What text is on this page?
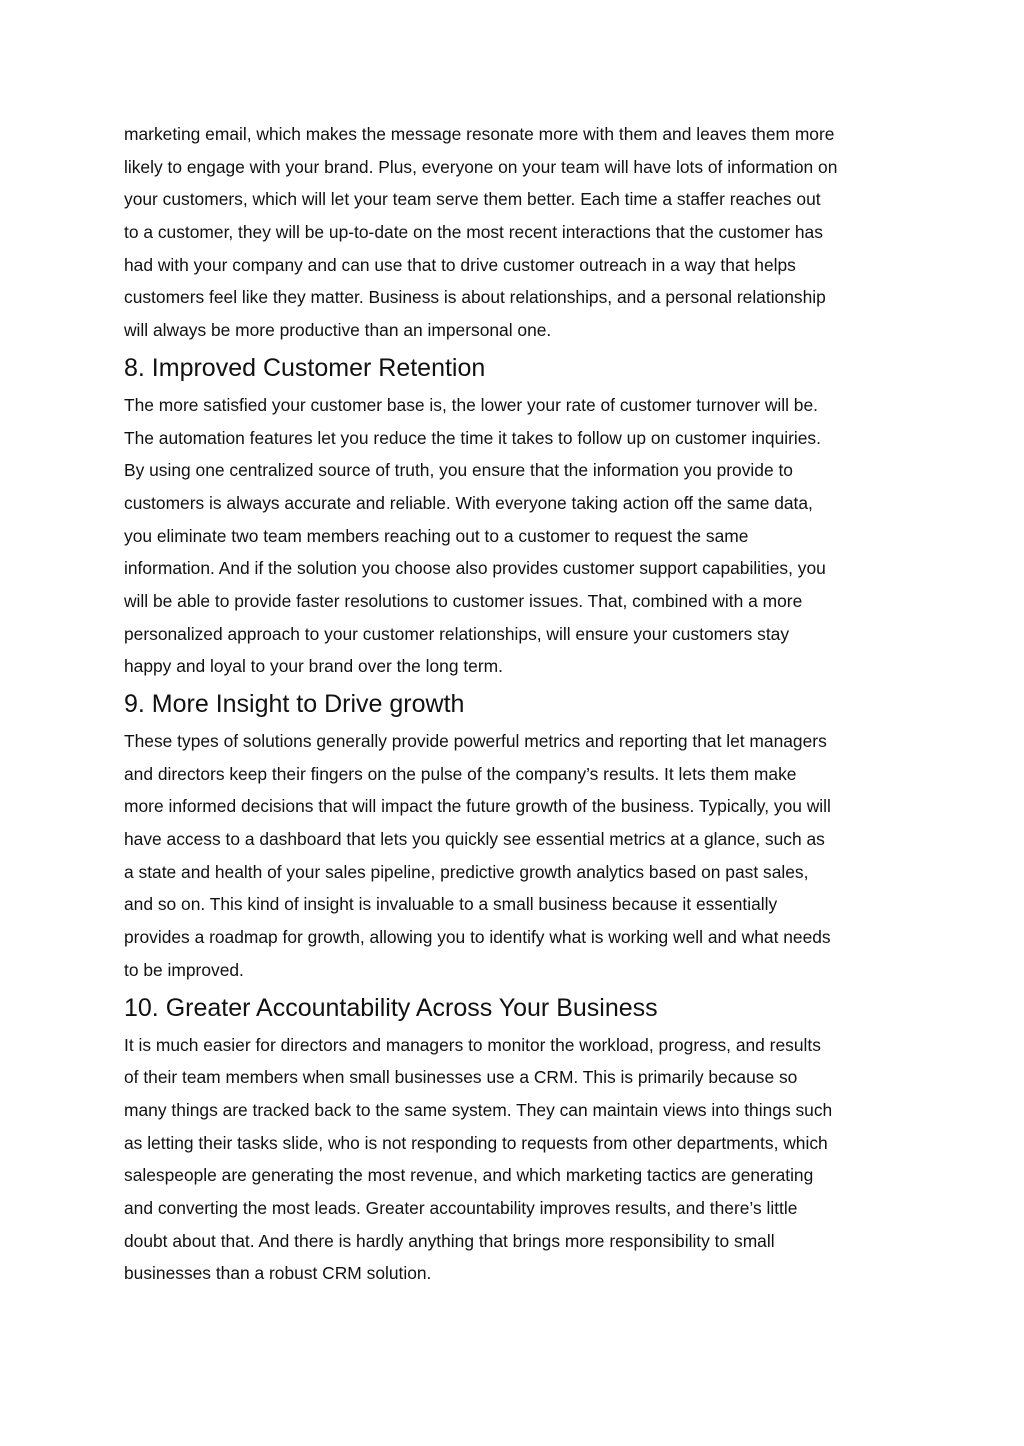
marketing email, which makes the message resonate more with them and leaves them more
likely to engage with your brand. Plus, everyone on your team will have lots of information on
your customers, which will let your team serve them better. Each time a staffer reaches out
to a customer, they will be up-to-date on the most recent interactions that the customer has
had with your company and can use that to drive customer outreach in a way that helps
customers feel like they matter. Business is about relationships, and a personal relationship
will always be more productive than an impersonal one.

8. Improved Customer Retention

The more satisfied your customer base is, the lower your rate of customer turnover will be.
The automation features let you reduce the time it takes to follow up on customer inquiries.
By using one centralized source of truth, you ensure that the information you provide to
customers is always accurate and reliable. With everyone taking action off the same data,
you eliminate two team members reaching out to a customer to request the same
information. And if the solution you choose also provides customer support capabilities, you
will be able to provide faster resolutions to customer issues. That, combined with a more
personalized approach to your customer relationships, will ensure your customers stay
happy and loyal to your brand over the long term.

9. More Insight to Drive growth

These types of solutions generally provide powerful metrics and reporting that let managers
and directors keep their fingers on the pulse of the company’s results. It lets them make
more informed decisions that will impact the future growth of the business. Typically, you will
have access to a dashboard that lets you quickly see essential metrics at a glance, such as
a state and health of your sales pipeline, predictive growth analytics based on past sales,
and so on. This kind of insight is invaluable to a small business because it essentially
provides a roadmap for growth, allowing you to identify what is working well and what needs
to be improved.

10. Greater Accountability Across Your Business

It is much easier for directors and managers to monitor the workload, progress, and results
of their team members when small businesses use a CRM. This is primarily because so
many things are tracked back to the same system. They can maintain views into things such
as letting their tasks slide, who is not responding to requests from other departments, which
salespeople are generating the most revenue, and which marketing tactics are generating
and converting the most leads. Greater accountability improves results, and there’s little
doubt about that. And there is hardly anything that brings more responsibility to small
businesses than a robust CRM solution.
